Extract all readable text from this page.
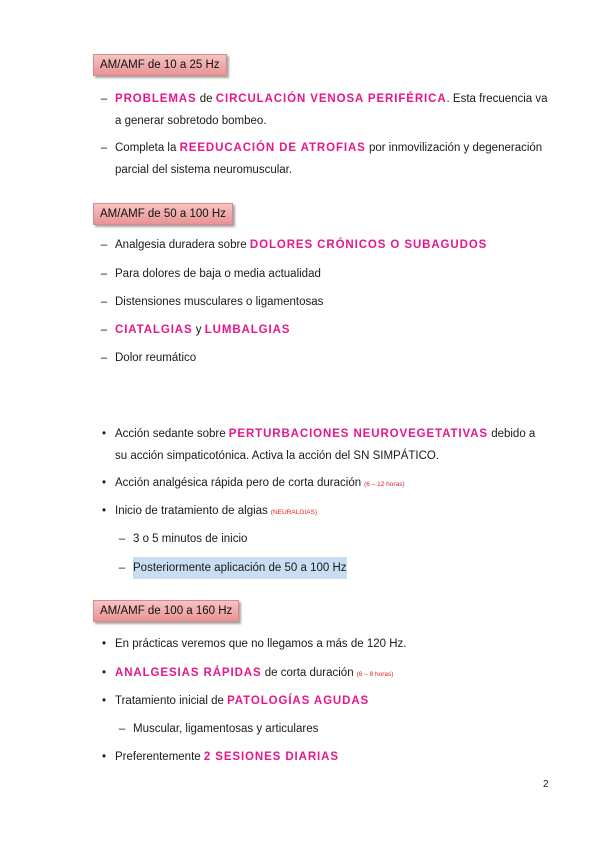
AM/AMF de 10 a 25 Hz
– PROBLEMAS de CIRCULACIÓN VENOSA PERIFÉRICA. Esta frecuencia va
a generar sobretodo bombeo.
– Completa la REEDUCACIÓN DE ATROFIAS por inmovilización y degeneración
parcial del sistema neuromuscular.
AM/AMF de 50 a 100 Hz
– Analgesia duradera sobre DOLORES CRÓNICOS O SUBAGUDOS
– Para dolores de baja o media actualidad
– Distensiones musculares o ligamentosas
– CIATALGIAS y LUMBALGIAS
– Dolor reumático
• Acción sedante sobre PERTURBACIONES NEUROVEGETATIVAS debido a
su acción simpaticotónica. Activa la acción del SN SIMPÁTICO.
• Acción analgésica rápida pero de corta duración (6 – 12 horas)
• Inicio de tratamiento de algias (NEURALGIAS)
– 3 o 5 minutos de inicio
– Posteriormente aplicación de 50 a 100 Hz
AM/AMF de 100 a 160 Hz
• En prácticas veremos que no llegamos a más de 120 Hz.
• ANALGESIAS RÁPIDAS de corta duración (6 – 8 horas)
• Tratamiento inicial de PATOLOGÍAS AGUDAS
– Muscular, ligamentosas y articulares
• Preferentemente 2 SESIONES DIARIAS
2
